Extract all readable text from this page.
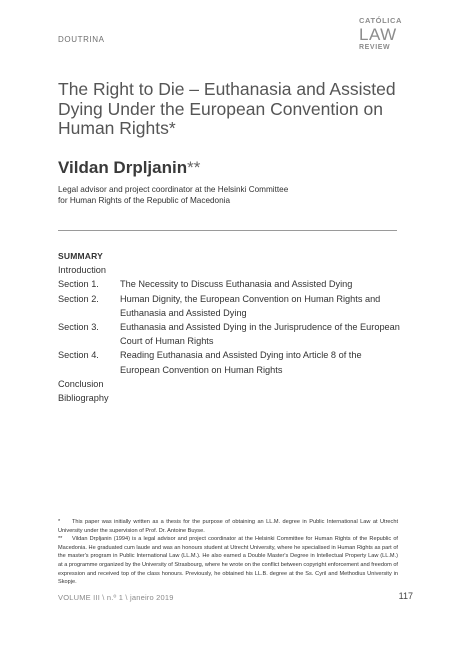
DOUTRINA
CATÓLICA
LAW
REVIEW
The Right to Die – Euthanasia and Assisted Dying Under the European Convention on Human Rights*
Vildan Drpljanin**
Legal advisor and project coordinator at the Helsinki Committee
for Human Rights of the Republic of Macedonia
SUMMARY
Introduction
Section 1.	The Necessity to Discuss Euthanasia and Assisted Dying
Section 2.	Human Dignity, the European Convention on Human Rights and Euthanasia and Assisted Dying
Section 3.	Euthanasia and Assisted Dying in the Jurisprudence of the European Court of Human Rights
Section 4.	Reading Euthanasia and Assisted Dying into Article 8 of the European Convention on Human Rights
Conclusion
Bibliography
* This paper was initially written as a thesis for the purpose of obtaining an LL.M. degree in Public International Law at Utrecht University under the supervision of Prof. Dr. Antoine Buyse.
** Vildan Drpljanin (1994) is a legal advisor and project coordinator at the Helsinki Committee for Human Rights of the Republic of Macedonia. He graduated cum laude and was an honours student at Utrecht University, where he specialised in Human Rights as part of the master's program in Public International Law (LL.M.). He also earned a Double Master's Degree in Intellectual Property Law (LL.M.) at a programme organized by the University of Strasbourg, where he wrote on the conflict between copyright enforcement and freedom of expression and received top of the class honours. Previously, he obtained his LL.B. degree at the Ss. Cyril and Methodius University in Skopje.
VOLUME III \ n.º 1 \ janeiro 2019	117
